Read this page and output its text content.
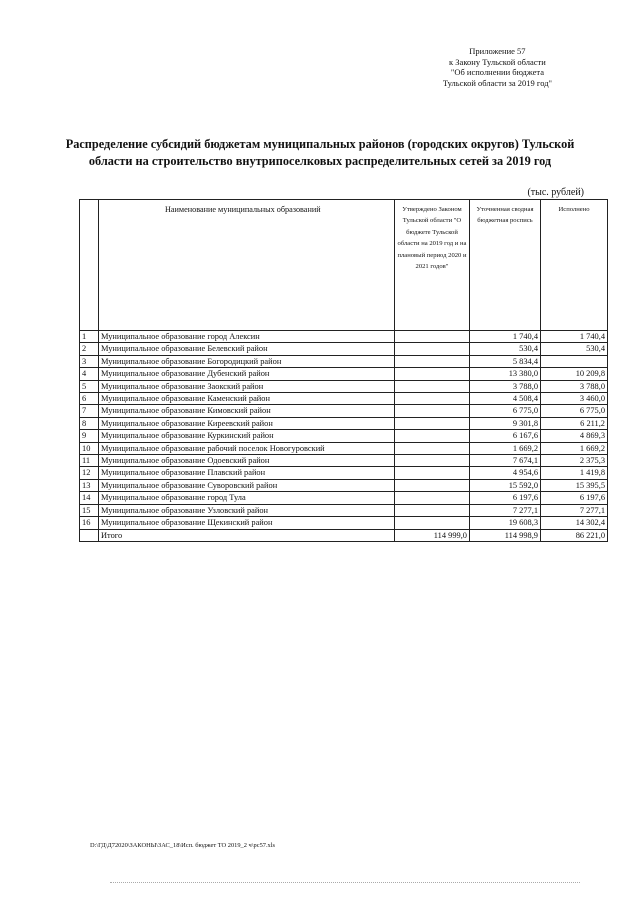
Приложение 57
к Закону Тульской области
"Об исполнении бюджета
Тульской области за 2019 год"
Распределение субсидий бюджетам муниципальных районов (городских округов) Тульской
области на строительство внутрипоселковых распределительных сетей за 2019 год
(тыс. рублей)
	Наименование муниципальных образований	Утверждено Законом Тульской области "О бюджете Тульской области на 2019 год и на плановый период 2020 и 2021 годов"	Уточненная сводная бюджетная роспись	Исполнено
1	Муниципальное образование город Алексин		1 740,4	1 740,4
2	Муниципальное образование Белевский район		530,4	530,4
3	Муниципальное образование Богородицкий район		5 834,4	
4	Муниципальное образование Дубенский район		13 380,0	10 209,8
5	Муниципальное образование Заокский район		3 788,0	3 788,0
6	Муниципальное образование Каменский район		4 508,4	3 460,0
7	Муниципальное образование Кимовский район		6 775,0	6 775,0
8	Муниципальное образование Киреевский район		9 301,8	6 211,2
9	Муниципальное образование Куркинский район		6 167,6	4 869,3
10	Муниципальное образование рабочий поселок Новогуровский		1 669,2	1 669,2
11	Муниципальное образование Одоевский район		7 674,1	2 375,3
12	Муниципальное образование Плавский район		4 954,6	1 419,8
13	Муниципальное образование Суворовский район		15 592,0	15 395,5
14	Муниципальное образование город Тула		6 197,6	6 197,6
15	Муниципальное образование Узловский район		7 277,1	7 277,1
16	Муниципальное образование Щекинский район		19 608,3	14 302,4
	Итого	114 999,0	114 998,9	86 221,0
D:\ГД\Д72020\ЗАКОНЫ\ЗАС_18\Исп. бюджет ТО 2019_2 ч\рс57.xls
